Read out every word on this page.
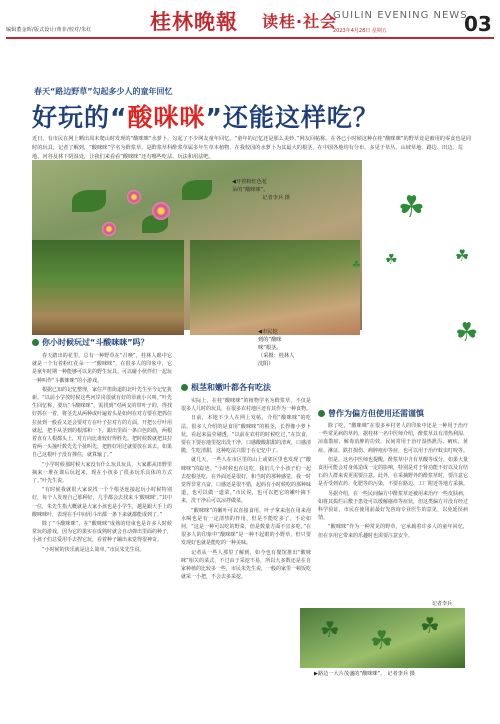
编辑董金晖/版式设计/黄菲/校对/朱红	桂林晚報 读桂·社会
GUILIN EVENING NEWS
2023年4月28日 星期五	03
春天“路边野草”勾起多少人的童年回忆
好玩的“酸咪咪”还能这样吃？
近日，有市民在网上晒出周末爬山时发现的“酸咪咪”水萝卜，勾起了不少网友童年回忆。“童年的记忆还是那么美妙。”网友回帖称。在各已小时候这种在桂“酸咪咪”的野草竟是被用的零食也是同时的玩具。记者了解到，“酸咪咪”学名为酢浆草，是酢浆草科酢浆草属多年生草本植物，在我校园的水萝卜为其最大的根茎，在中国各地均有分布，多见于草丛、山坡草地、路边、田边、荒地、河谷及林下阴湿处，让我们来看看“酸咪咪”还有哪些吃法、玩法和用法吧。
◀开着粉红色花
朵的“酸咪咪”。
记者李兵 摄
◀市民挖
到的“酸咪
咪”根茎。
（采摄：桂林人
沈阳）
☘
☘
☘
☘
☘
你小时候玩过“斗酸咪咪”吗？
根茎和嫩叶都各有吃法
曾作为偏方但使用还需谨慎

春天踏出的花里，总有一种野草在“召唤”，桂林人眼中它就是一个有着粉红花朵一一“酸咪咪”，在很多人的印象中，它是童年时期一种能够可以见的野生玩具。可以碰小伙伴们一起玩一种叫作“斗酸咪咪”的小游戏。

根据已知的记忆整理，家住芦笛街道的北叶先生至今记忆犹新。“以前小学放时候这些河岸岗很就有好的草就小兴叫。”叶先生回忆称，要玩“斗酸咪咪”，需找到“对两支的带叶子的，得找好抓在一着，将茎先从两种或叶遍着头是如何在对方要在把抓住拉扯到一般看又还会要对方在叶子拉对方的方面，开把公仔叶用就起，把手从茎到的根部和一下，跟出里面一条白色的筋，两根着直有人根都头上，对方向比谁较好得胜先。把时候数就把其拉着两一头撞叶数先先个扯叫先，把胜好用过就要放在该去。如果自己这根叶子没有撑住，就算输了。”

“小学时候那时候大家没有什么玩具玩具，大家都从田野里摘来一堆在课后玩起来，现在小孩多了很多玩乐具体的方式了。”叶先生说。

“有时候我就很大家说找一个个根茎连接起玩小时候特别好，每个人发现自己那种好，几乎都会去找来斗‘酸咪咪’。”其中一位，朱先生指大概就是大家小孩也是小学生，越是跟大手上的酸咪咪叶，表现在手中间用斗出都一条下来就都能成到了。”

除了“斗酸咪咪”，在“酸咪咪”成熟的结束也是许多人时候常玩的游戏，因为它的果实在成熟时就会自动弹出里面的种子，小孩子们总爱用手去捏它玩，看着种子蹦出来觉得很神奇。

“小时候的快乐就是这么简单。”市民朱先生说。

实际上，在桂“酸咪咪”的植物学名为酢浆草，不仅是很多人儿时的玩具，在很多农村地区还有其作为一种食物。

日前，本地不少人在网上发帖，介绍“酸咪咪”的吃法。很多人介绍的是食用“酸咪咪”的根茎，长得像小萝卜状，看起来晶莹剔透，“以前在农村的时候吃过，”在饮食，要在下要在地里挖出洗干净，口感酸酸甜甜的清爽，口感清脆，生吃清甜，这种吃法只限于在记忆中了。

就几天，一些人在市区里的山上或郊区里也发现了“酸咪咪”的踪迹。“小时候也在这吃，我们几个小孩子们一起去挖根茎吃，在外面还是很好，和当时的那种感觉，我一时觉得非常兴奋，口感还是很不错，起码有小时候吃的那种味道，也可以做一道菜。”市民说，也可以把它的嫩叶摘下来，洗干净后可以凉拌做菜。

“酸咪咪”的嫩叶可以直接食用，叶子拿来泡在用来泡水喝也是有一定清热的作用，但是不能吃多了。不论如何，“这是一种可以吃的野菜，但是数量方面不宜多吃。”在很多人的印象中“酸咪咪”是一种不起眼的小野草，但只要发现好也就是能吃的一种美味。

记者从一些人那里了解到，如今也有餐馆推出“酸咪咪”相关的菜式，不过由于采挖不易，所以大多数还是在自家种植的比较多一些，市民朱先生说，一般的家里一顿饭吃就采一小把，不会去多采挖。

除了吃，“酸咪咪”在很多乡村老人的印象中还是一种用于治疗一些常见病的草药，据桂林一名中医师介绍，酢浆草具有清热利湿、凉血散瘀、解毒消肿的功效，民间常用于治疗湿热泄泻、痢疾、黄疸、淋证、跌打损伤、痈肿疮疖等症，也可以用于治疗蚊虫叮咬等。

但是，这名中医师也提醒，酢浆草中含有草酸等成分，如果大量食用可能会对身体造成一定的影响，特别是对于肾功能不好以及有结石的人群来说更需要注意。此外，在采摘野外的酢浆草时，要注意它是否受到农药、化肥等的污染，不要在路边、工厂附近等地方采摘。

另据介绍，在一些民间偏方中酢浆草还被用来治疗一些皮肤病，如将其捣烂后敷于患处可以缓解瘙痒等症状，但这类偏方并没有经过科学验证，市民在使用前最好先咨询专业医生的意见，以免延误病情。

“酸咪咪”作为一种常见的野草，它承载着许多人的童年回忆，但在享用它带来的乐趣时也需要注意安全。

记者李兵
☘ ☘ ☘
▶路边一大片茂盛的“酸咪咪”。 记者李兵 摄
